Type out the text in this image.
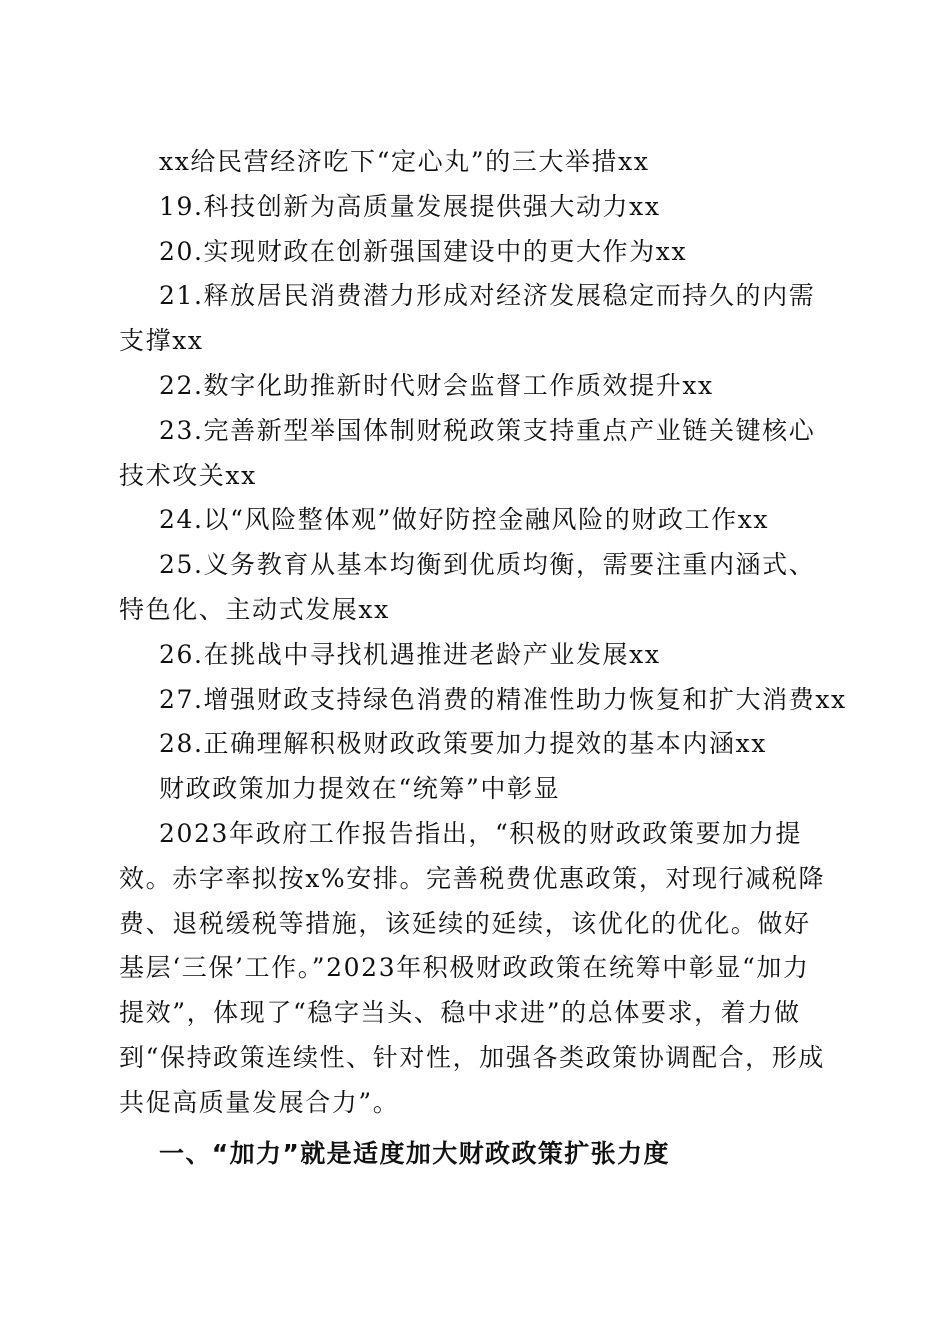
xx给民营经济吃下“定心丸”的三大举措xx
19.科技创新为高质量发展提供强大动力xx
20.实现财政在创新强国建设中的更大作为xx
21.释放居民消费潜力形成对经济发展稳定而持久的内需支撑xx
22.数字化助推新时代财会监督工作质效提升xx
23.完善新型举国体制财税政策支持重点产业链关键核心技术攻关xx
24.以“风险整体观”做好防控金融风险的财政工作xx
25.义务教育从基本均衡到优质均衡，需要注重内涵式、特色化、主动式发展xx
26.在挑战中寻找机遇推进老龄产业发展xx
27.增强财政支持绿色消费的精准性助力恢复和扩大消费xx
28.正确理解积极财政政策要加力提效的基本内涵xx
财政政策加力提效在“统筹”中彰显
2023年政府工作报告指出，“积极的财政政策要加力提效。赤字率拟按x%安排。完善税费优惠政策，对现行减税降费、退税缓税等措施，该延续的延续，该优化的优化。做好基层‘三保’工作。”2023年积极财政政策在统筹中彰显“加力提效”，体现了“稳字当头、稳中求进”的总体要求，着力做到“保持政策连续性、针对性，加强各类政策协调配合，形成共促高质量发展合力”。
一、“加力”就是适度加大财政政策扩张力度
